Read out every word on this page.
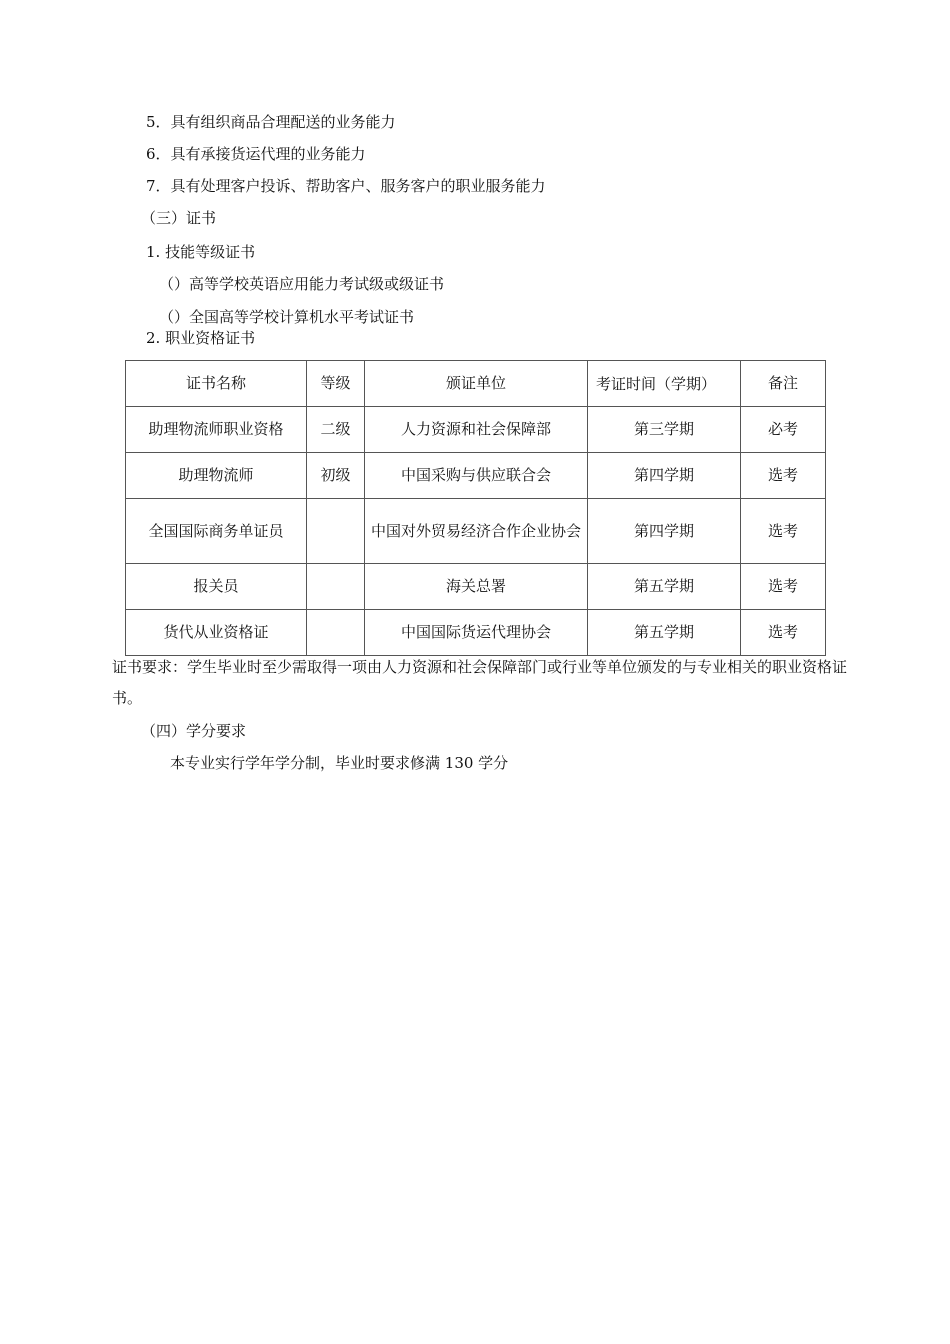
5．具有组织商品合理配送的业务能力
6．具有承接货运代理的业务能力
7．具有处理客户投诉、帮助客户、服务客户的职业服务能力
（三）证书
1. 技能等级证书
（）高等学校英语应用能力考试级或级证书
（）全国高等学校计算机水平考试证书
2. 职业资格证书
证书名称	等级	颁证单位	考证时间（学期）	备注
助理物流师职业资格	二级	人力资源和社会保障部	第三学期	必考
助理物流师	初级	中国采购与供应联合会	第四学期	选考
全国国际商务单证员		中国对外贸易经济合作企业协会	第四学期	选考
报关员		海关总署	第五学期	选考
货代从业资格证		中国国际货运代理协会	第五学期	选考
证书要求：学生毕业时至少需取得一项由人力资源和社会保障部门或行业等单位颁发的与专业相关的职业资格证书。
（四）学分要求
本专业实行学年学分制，毕业时要求修满 130 学分
